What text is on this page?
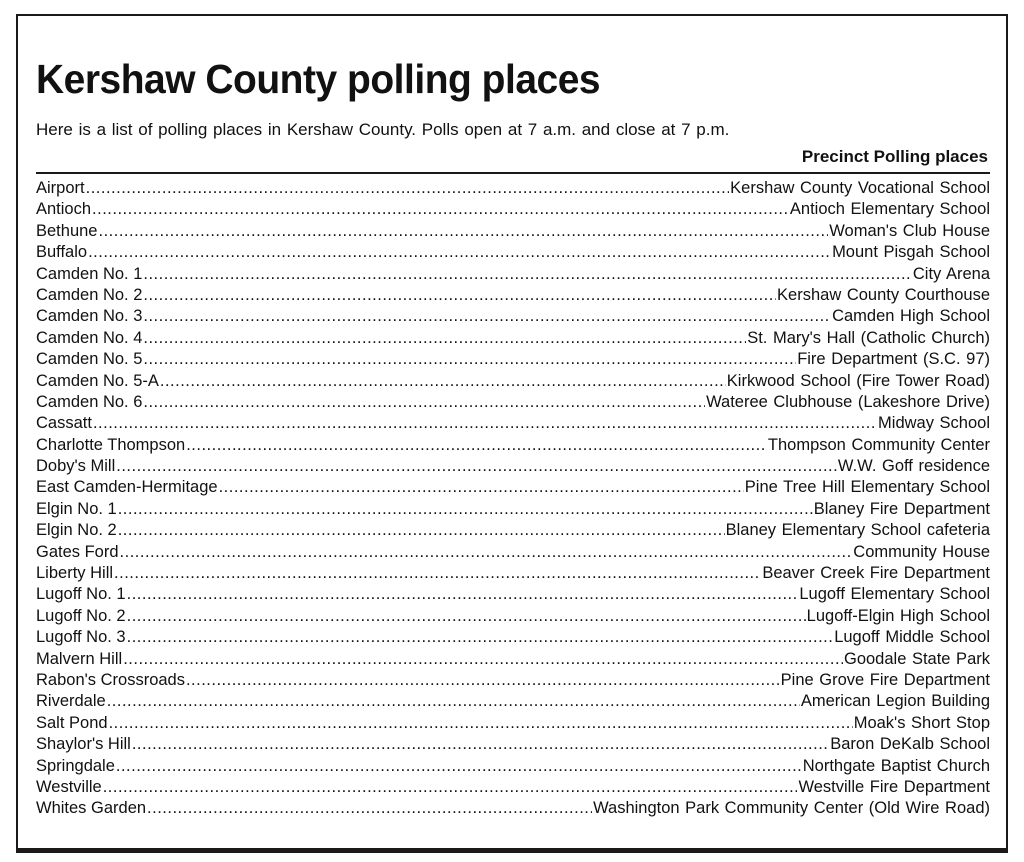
Kershaw County polling places
Here is a list of polling places in Kershaw County. Polls open at 7 a.m. and close at 7 p.m.
Precinct Polling places
Airport .....	Kershaw County Vocational School
Antioch .....	Antioch Elementary School
Bethune .....	Woman's Club House
Buffalo .....	Mount Pisgah School
Camden No. 1 .....	City Arena
Camden No. 2 .....	Kershaw County Courthouse
Camden No. 3 .....	Camden High School
Camden No. 4 .....	St. Mary's Hall (Catholic Church)
Camden No. 5 .....	Fire Department (S.C. 97)
Camden No. 5-A .....	Kirkwood School (Fire Tower Road)
Camden No. 6 .....	Wateree Clubhouse (Lakeshore Drive)
Cassatt .....	Midway School
Charlotte Thompson .....	Thompson Community Center
Doby's Mill .....	W.W. Goff residence
East Camden-Hermitage .....	Pine Tree Hill Elementary School
Elgin No. 1 .....	Blaney Fire Department
Elgin No. 2 .....	Blaney Elementary School cafeteria
Gates Ford .....	Community House
Liberty Hill .....	Beaver Creek Fire Department
Lugoff No. 1 .....	Lugoff Elementary School
Lugoff No. 2 .....	Lugoff-Elgin High School
Lugoff No. 3 .....	Lugoff Middle School
Malvern Hill .....	Goodale State Park
Rabon's Crossroads .....	Pine Grove Fire Department
Riverdale .....	American Legion Building
Salt Pond .....	Moak's Short Stop
Shaylor's Hill .....	Baron DeKalb School
Springdale .....	Northgate Baptist Church
Westville .....	Westville Fire Department
Whites Garden .....	Washington Park Community Center (Old Wire Road)
